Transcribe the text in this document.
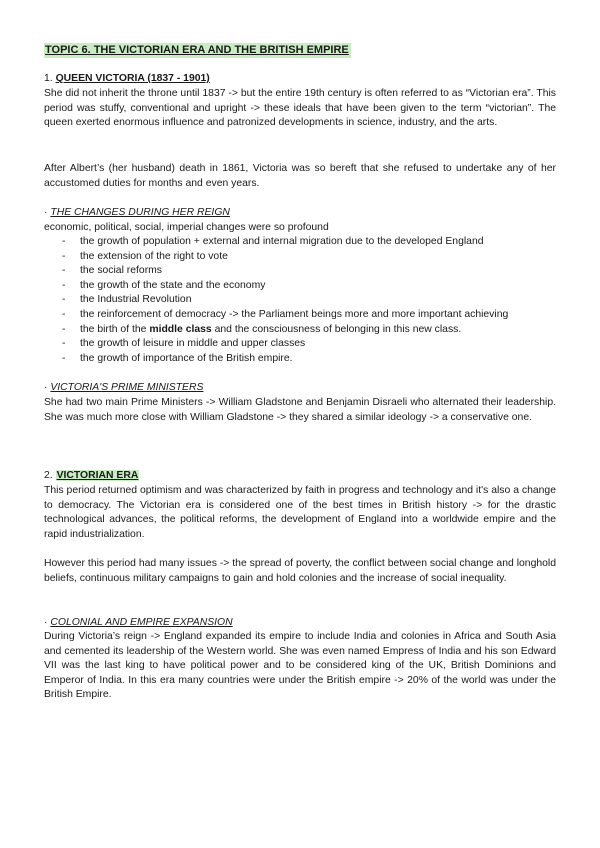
TOPIC 6. THE VICTORIAN ERA AND THE BRITISH EMPIRE
1. QUEEN VICTORIA (1837 - 1901)
She did not inherit the throne until 1837 -> but the entire 19th century is often referred to as “Victorian era”. This period was stuffy, conventional and upright -> these ideals that have been given to the term “victorian”. The queen exerted enormous influence and patronized developments in science, industry, and the arts.
After Albert’s (her husband) death in 1861, Victoria was so bereft that she refused to undertake any of her accustomed duties for months and even years.
· THE CHANGES DURING HER REIGN
economic, political, social, imperial changes were so profound
- the growth of population + external and internal migration due to the developed England
- the extension of the right to vote
- the social reforms
- the growth of the state and the economy
- the Industrial Revolution
- the reinforcement of democracy -> the Parliament beings more and more important achieving
- the birth of the middle class and the consciousness of belonging in this new class.
- the growth of leisure in middle and upper classes
- the growth of importance of the British empire.
· VICTORIA'S PRIME MINISTERS
She had two main Prime Ministers -> William Gladstone and Benjamin Disraeli who alternated their leadership. She was much more close with William Gladstone -> they shared a similar ideology -> a conservative one.
2. VICTORIAN ERA
This period returned optimism and was characterized by faith in progress and technology and it's also a change to democracy. The Victorian era is considered one of the best times in British history -> for the drastic technological advances, the political reforms, the development of England into a worldwide empire and the rapid industrialization.
However this period had many issues -> the spread of poverty, the conflict between social change and longhold beliefs, continuous military campaigns to gain and hold colonies and the increase of social inequality.
· COLONIAL AND EMPIRE EXPANSION
During Victoria’s reign -> England expanded its empire to include India and colonies in Africa and South Asia and cemented its leadership of the Western world. She was even named Empress of India and his son Edward VII was the last king to have political power and to be considered king of the UK, British Dominions and Emperor of India. In this era many countries were under the British empire -> 20% of the world was under the British Empire.
